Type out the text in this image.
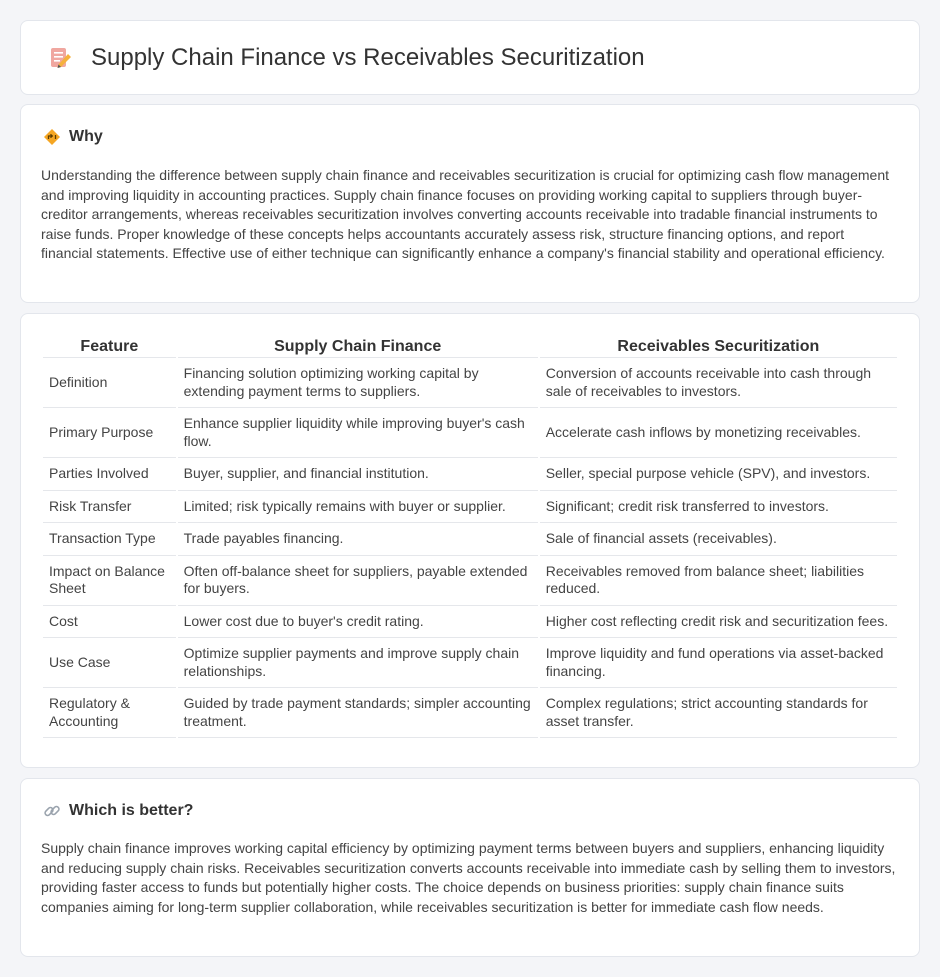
Supply Chain Finance vs Receivables Securitization
Why

Understanding the difference between supply chain finance and receivables securitization is crucial for optimizing cash flow management and improving liquidity in accounting practices. Supply chain finance focuses on providing working capital to suppliers through buyer-creditor arrangements, whereas receivables securitization involves converting accounts receivable into tradable financial instruments to raise funds. Proper knowledge of these concepts helps accountants accurately assess risk, structure financing options, and report financial statements. Effective use of either technique can significantly enhance a company's financial stability and operational efficiency.

Feature	Supply Chain Finance	Receivables Securitization
Definition	Financing solution optimizing working capital by extending payment terms to suppliers.	Conversion of accounts receivable into cash through sale of receivables to investors.
Primary Purpose	Enhance supplier liquidity while improving buyer's cash flow.	Accelerate cash inflows by monetizing receivables.
Parties Involved	Buyer, supplier, and financial institution.	Seller, special purpose vehicle (SPV), and investors.
Risk Transfer	Limited; risk typically remains with buyer or supplier.	Significant; credit risk transferred to investors.
Transaction Type	Trade payables financing.	Sale of financial assets (receivables).
Impact on Balance Sheet	Often off-balance sheet for suppliers, payable extended for buyers.	Receivables removed from balance sheet; liabilities reduced.
Cost	Lower cost due to buyer's credit rating.	Higher cost reflecting credit risk and securitization fees.
Use Case	Optimize supplier payments and improve supply chain relationships.	Improve liquidity and fund operations via asset-backed financing.
Regulatory & Accounting	Guided by trade payment standards; simpler accounting treatment.	Complex regulations; strict accounting standards for asset transfer.
Which is better?

Supply chain finance improves working capital efficiency by optimizing payment terms between buyers and suppliers, enhancing liquidity and reducing supply chain risks. Receivables securitization converts accounts receivable into immediate cash by selling them to investors, providing faster access to funds but potentially higher costs. The choice depends on business priorities: supply chain finance suits companies aiming for long-term supplier collaboration, while receivables securitization is better for immediate cash flow needs.
